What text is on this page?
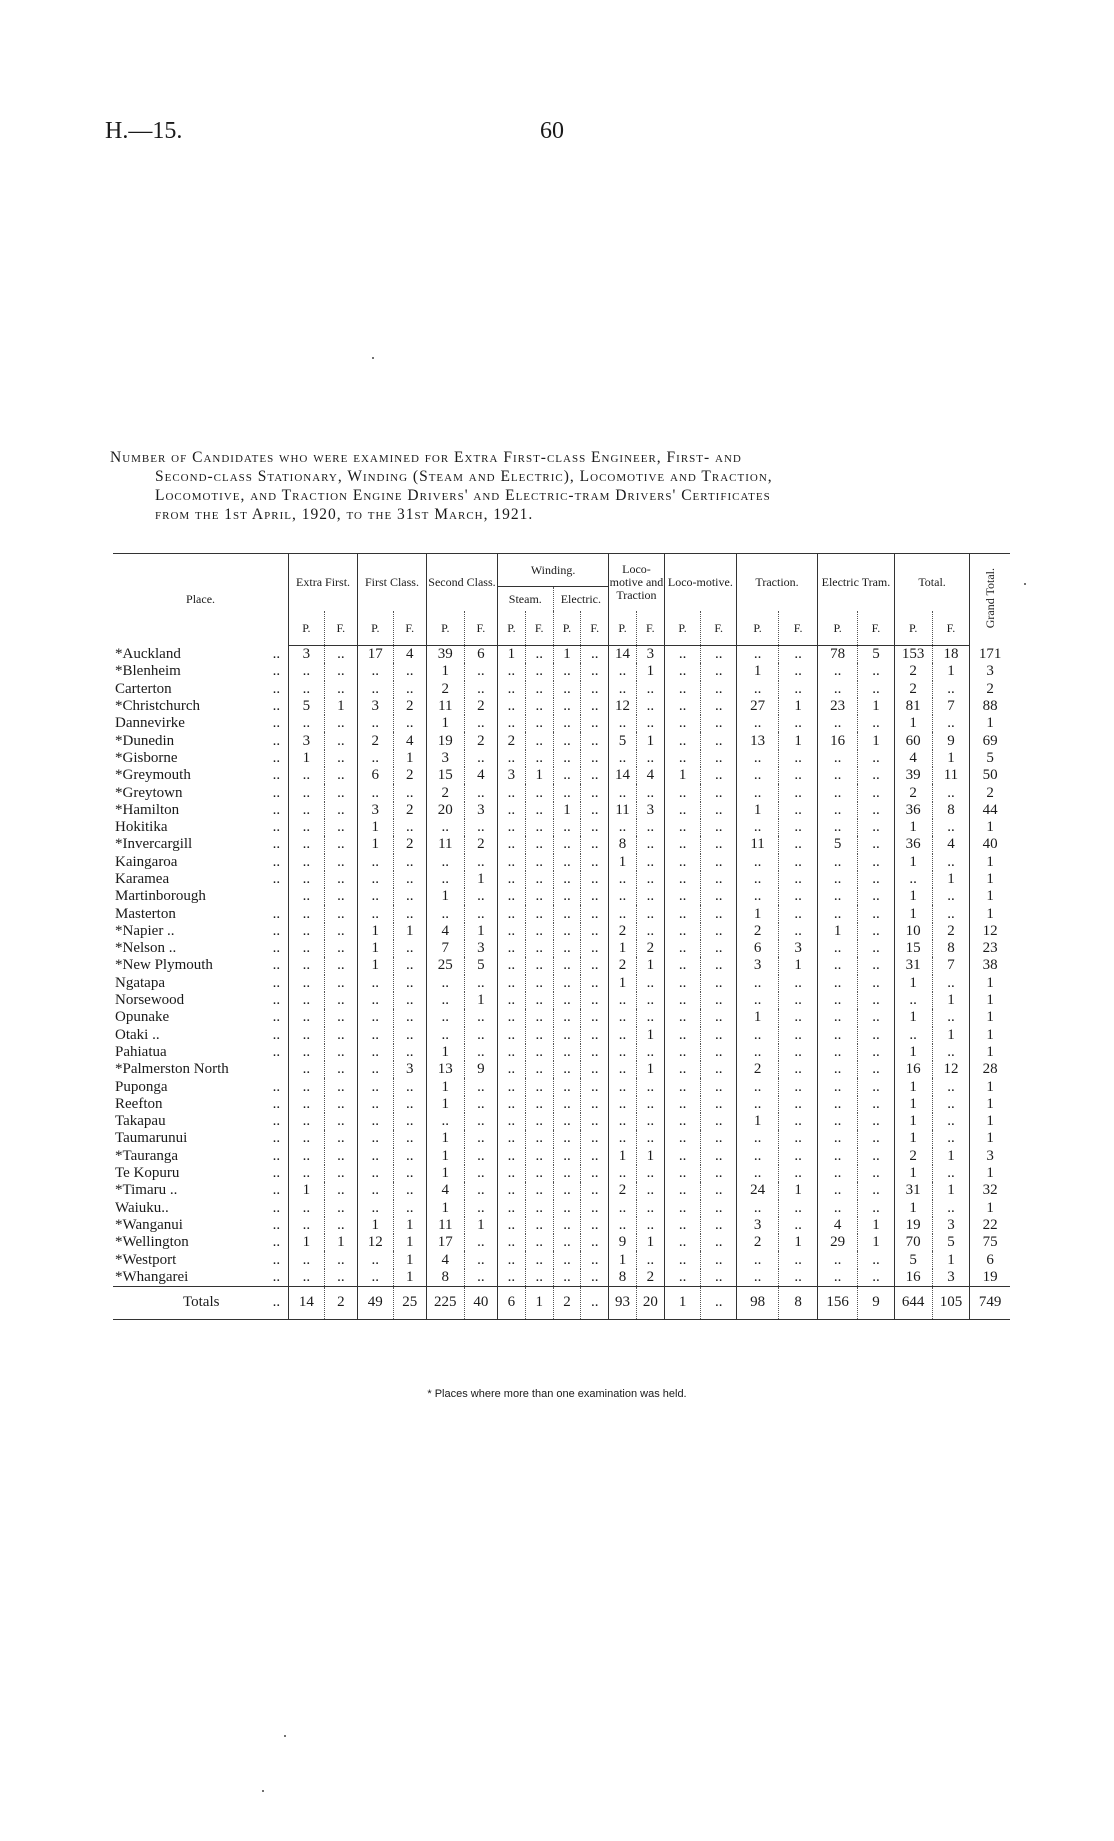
H.—15.	60
Number of Candidates who were examined for Extra First-class Engineer, First- and
Second-class Stationary, Winding (Steam and Electric), Locomotive and Traction,
Locomotive, and Traction Engine Drivers' and Electric-tram Drivers' Certificates
from the 1st April, 1920, to the 31st March, 1921.
Place.	Extra First.		First Class.		Second Class.		Winding.				Loco-motive and Traction		Loco-motive.		Traction.		Electric Tram.		Total.		Grand Total.
							Steam.		Electric.												
	P.	F.	P.	F.	P.	F.	P.	F.	P.	F.	P.	F.	P.	F.	P.	F.	P.	F.	P.	F.	
*Auckland ..	3	..	17	4	39	6	1	..	1	..	14	3	..	..	..	..	78	5	153	18	171
*Blenheim ..	..	..	..	..	1	..	..	..	..	..	..	1	..	..	1	..	..	..	2	1	3
Carterton ..	..	..	..	..	2	..	..	..	..	..	..	..	..	..	..	..	..	..	2	..	2
*Christchurch ..	5	1	3	2	11	2	..	..	..	..	12	..	..	..	27	1	23	1	81	7	88
Dannevirke ..	..	..	..	..	1	..	..	..	..	..	..	..	..	..	..	..	..	..	1	..	1
*Dunedin ..	3	..	2	4	19	2	2	..	..	..	5	1	..	..	13	1	16	1	60	9	69
*Gisborne ..	1	..	..	1	3	..	..	..	..	..	..	..	..	..	..	..	..	..	4	1	5
*Greymouth ..	..	..	6	2	15	4	3	1	..	..	14	4	1	..	..	..	..	..	39	11	50
*Greytown ..	..	..	..	..	2	..	..	..	..	..	..	..	..	..	..	..	..	..	2	..	2
*Hamilton ..	..	..	3	2	20	3	..	..	1	..	11	3	..	..	1	..	..	..	36	8	44
Hokitika ..	..	..	1	..	..	..	..	..	..	..	..	..	..	..	..	..	..	..	1	..	1
*Invercargill ..	..	..	1	2	11	2	..	..	..	..	8	..	..	..	11	..	5	..	36	4	40
Kaingaroa ..	..	..	..	..	..	..	..	..	..	..	1	..	..	..	..	..	..	..	1	..	1
Karamea ..	..	..	..	..	..	1	..	..	..	..	..	..	..	..	..	..	..	..	..	1	1
Martinborough	..	..	..	..	1	..	..	..	..	..	..	..	..	..	..	..	..	..	1	..	1
Masterton ..	..	..	..	..	..	..	..	..	..	..	..	..	..	..	1	..	..	..	1	..	1
*Napier .. ..	..	..	1	1	4	1	..	..	..	..	2	..	..	..	2	..	1	..	10	2	12
*Nelson .. ..	..	..	1	..	7	3	..	..	..	..	1	2	..	..	6	3	..	..	15	8	23
*New Plymouth ..	..	..	1	..	25	5	..	..	..	..	2	1	..	..	3	1	..	..	31	7	38
Ngatapa ..	..	..	..	..	..	..	..	..	..	..	1	..	..	..	..	..	..	..	1	..	1
Norsewood ..	..	..	..	..	..	1	..	..	..	..	..	..	..	..	..	..	..	..	..	1	1
Opunake ..	..	..	..	..	..	..	..	..	..	..	..	..	..	..	1	..	..	..	1	..	1
Otaki .. ..	..	..	..	..	..	..	..	..	..	..	..	1	..	..	..	..	..	..	..	1	1
Pahiatua ..	..	..	..	..	1	..	..	..	..	..	..	..	..	..	..	..	..	..	1	..	1
*Palmerston North	..	..	..	3	13	9	..	..	..	..	..	1	..	..	2	..	..	..	16	12	28
Puponga ..	..	..	..	..	1	..	..	..	..	..	..	..	..	..	..	..	..	..	1	..	1
Reefton ..	..	..	..	..	1	..	..	..	..	..	..	..	..	..	..	..	..	..	1	..	1
Takapau ..	..	..	..	..	..	..	..	..	..	..	..	..	..	..	1	..	..	..	1	..	1
Taumarunui ..	..	..	..	..	1	..	..	..	..	..	..	..	..	..	..	..	..	..	1	..	1
*Tauranga ..	..	..	..	..	1	..	..	..	..	..	1	1	..	..	..	..	..	..	2	1	3
Te Kopuru ..	..	..	..	..	1	..	..	..	..	..	..	..	..	..	..	..	..	..	1	..	1
*Timaru .. ..	1	..	..	..	4	..	..	..	..	..	2	..	..	..	24	1	..	..	31	1	32
Waiuku.. ..	..	..	..	..	1	..	..	..	..	..	..	..	..	..	..	..	..	..	1	..	1
*Wanganui ..	..	..	1	1	11	1	..	..	..	..	..	..	..	..	3	..	4	1	19	3	22
*Wellington ..	1	1	12	1	17	..	..	..	..	..	9	1	..	..	2	1	29	1	70	5	75
*Westport ..	..	..	..	1	4	..	..	..	..	..	1	..	..	..	..	..	..	..	5	1	6
*Whangarei ..	..	..	..	1	8	..	..	..	..	..	8	2	..	..	..	..	..	..	16	3	19
Totals ..	14	2	49	25	225	40	6	1	2	..	93	20	1	..	98	8	156	9	644	105	749
* Places where more than one examination was held.
